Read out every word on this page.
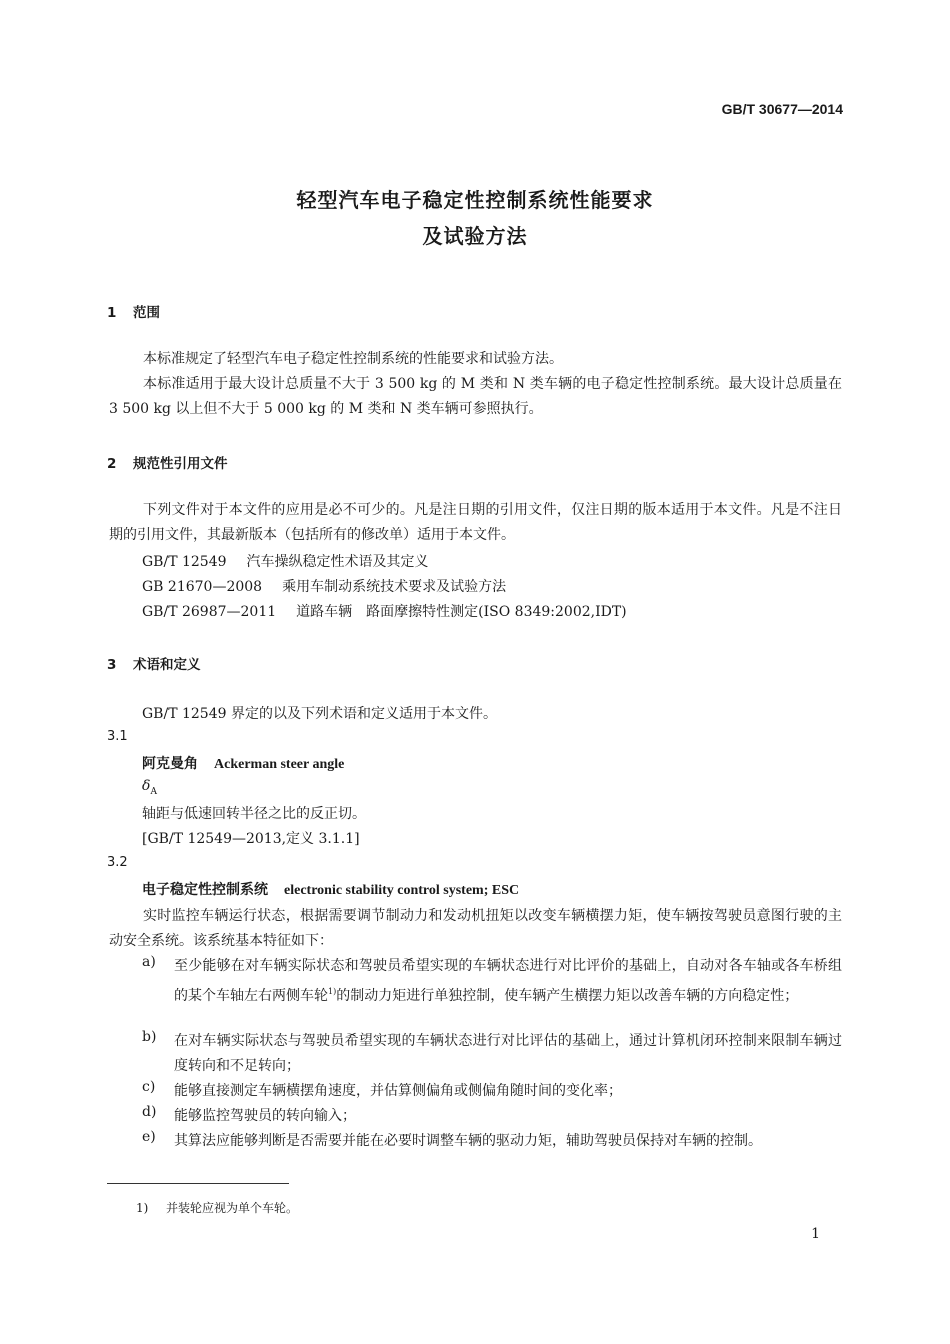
GB/T 30677—2014
轻型汽车电子稳定性控制系统性能要求
及试验方法
1 范围
本标准规定了轻型汽车电子稳定性控制系统的性能要求和试验方法。
本标准适用于最大设计总质量不大于 3 500 kg 的 M 类和 N 类车辆的电子稳定性控制系统。最大设计总质量在 3 500 kg 以上但不大于 5 000 kg 的 M 类和 N 类车辆可参照执行。
2 规范性引用文件
下列文件对于本文件的应用是必不可少的。凡是注日期的引用文件，仅注日期的版本适用于本文件。凡是不注日期的引用文件，其最新版本（包括所有的修改单）适用于本文件。
GB/T 12549 汽车操纵稳定性术语及其定义
GB 21670—2008 乘用车制动系统技术要求及试验方法
GB/T 26987—2011 道路车辆　路面摩擦特性测定(ISO 8349:2002,IDT)
3 术语和定义
GB/T 12549 界定的以及下列术语和定义适用于本文件。
3.1
阿克曼角 Ackerman steer angle
$\delta_A$
轴距与低速回转半径之比的反正切。
[GB/T 12549—2013,定义 3.1.1]
3.2
电子稳定性控制系统 electronic stability control system; ESC
实时监控车辆运行状态，根据需要调节制动力和发动机扭矩以改变车辆横摆力矩，使车辆按驾驶员意图行驶的主动安全系统。该系统基本特征如下：
a) 至少能够在对车辆实际状态和驾驶员希望实现的车辆状态进行对比评价的基础上，自动对各车轴或各车桥组的某个车轴左右两侧车轮$^{1)}$的制动力矩进行单独控制，使车辆产生横摆力矩以改善车辆的方向稳定性；
b) 在对车辆实际状态与驾驶员希望实现的车辆状态进行对比评估的基础上，通过计算机闭环控制来限制车辆过度转向和不足转向；
c) 能够直接测定车辆横摆角速度，并估算侧偏角或侧偏角随时间的变化率；
d) 能够监控驾驶员的转向输入；
e) 其算法应能够判断是否需要并能在必要时调整车辆的驱动力矩，辅助驾驶员保持对车辆的控制。
1) 并装轮应视为单个车轮。
1
